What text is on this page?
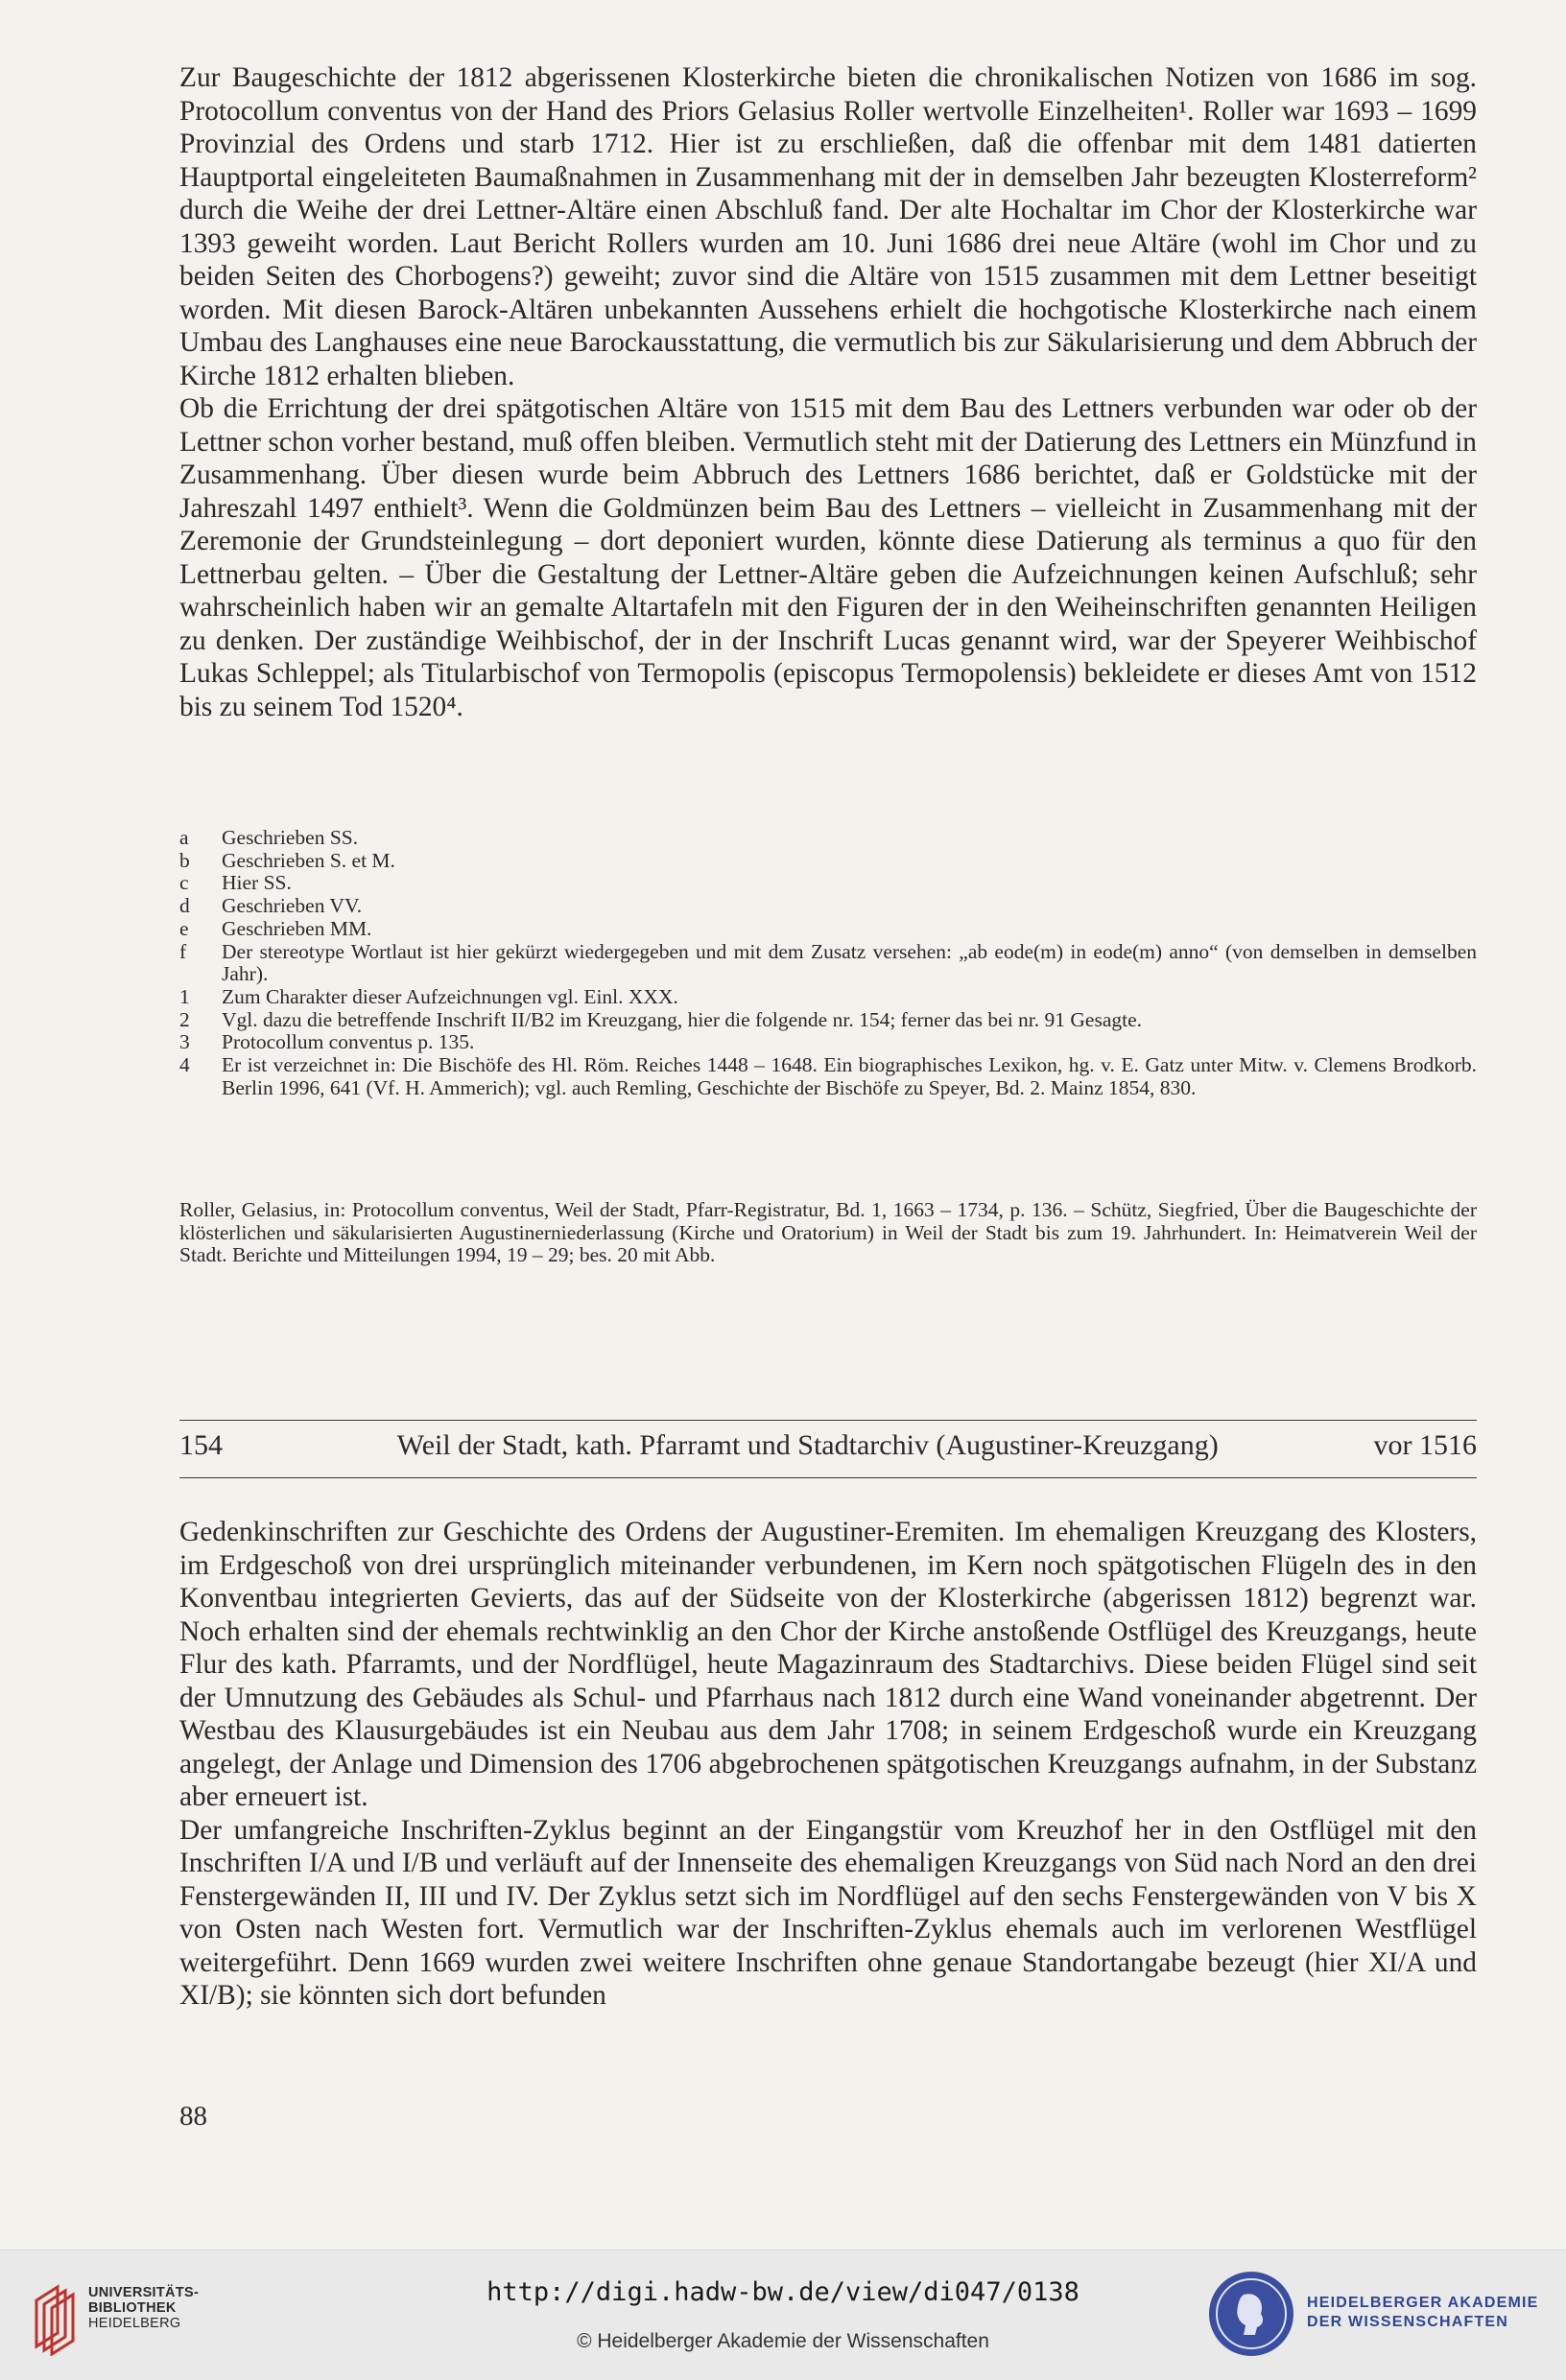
Zur Baugeschichte der 1812 abgerissenen Klosterkirche bieten die chronikalischen Notizen von 1686 im sog. Protocollum conventus von der Hand des Priors Gelasius Roller wertvolle Einzelheiten¹. Roller war 1693 – 1699 Provinzial des Ordens und starb 1712. Hier ist zu erschließen, daß die offenbar mit dem 1481 datierten Hauptportal eingeleiteten Baumaßnahmen in Zusammenhang mit der in demselben Jahr bezeugten Klosterreform² durch die Weihe der drei Lettner-Altäre einen Abschluß fand. Der alte Hochaltar im Chor der Klosterkirche war 1393 geweiht worden. Laut Bericht Rollers wurden am 10. Juni 1686 drei neue Altäre (wohl im Chor und zu beiden Seiten des Chorbogens?) geweiht; zuvor sind die Altäre von 1515 zusammen mit dem Lettner beseitigt worden. Mit diesen Barock-Altären unbekannten Aussehens erhielt die hochgotische Klosterkirche nach einem Umbau des Langhauses eine neue Barockausstattung, die vermutlich bis zur Säkularisierung und dem Abbruch der Kirche 1812 erhalten blieben.

Ob die Errichtung der drei spätgotischen Altäre von 1515 mit dem Bau des Lettners verbunden war oder ob der Lettner schon vorher bestand, muß offen bleiben. Vermutlich steht mit der Datierung des Lettners ein Münzfund in Zusammenhang. Über diesen wurde beim Abbruch des Lettners 1686 berichtet, daß er Goldstücke mit der Jahreszahl 1497 enthielt³. Wenn die Goldmünzen beim Bau des Lettners – vielleicht in Zusammenhang mit der Zeremonie der Grundsteinlegung – dort deponiert wurden, könnte diese Datierung als terminus a quo für den Lettnerbau gelten. – Über die Gestaltung der Lettner-Altäre geben die Aufzeichnungen keinen Aufschluß; sehr wahrscheinlich haben wir an gemalte Altartafeln mit den Figuren der in den Weiheinschriften genannten Heiligen zu denken. Der zuständige Weihbischof, der in der Inschrift Lucas genannt wird, war der Speyerer Weihbischof Lukas Schleppel; als Titularbischof von Termopolis (episcopus Termopolensis) bekleidete er dieses Amt von 1512 bis zu seinem Tod 1520⁴.

a	Geschrieben SS.
b	Geschrieben S. et M.
c	Hier SS.
d	Geschrieben VV.
e	Geschrieben MM.
f	Der stereotype Wortlaut ist hier gekürzt wiedergegeben und mit dem Zusatz versehen: „ab eode(m) in eode(m) anno“ (von demselben in demselben Jahr).
1	Zum Charakter dieser Aufzeichnungen vgl. Einl. XXX.
2	Vgl. dazu die betreffende Inschrift II/B2 im Kreuzgang, hier die folgende nr. 154; ferner das bei nr. 91 Gesagte.
3	Protocollum conventus p. 135.
4	Er ist verzeichnet in: Die Bischöfe des Hl. Röm. Reiches 1448 – 1648. Ein biographisches Lexikon, hg. v. E. Gatz unter Mitw. v. Clemens Brodkorb. Berlin 1996, 641 (Vf. H. Ammerich); vgl. auch Remling, Geschichte der Bischöfe zu Speyer, Bd. 2. Mainz 1854, 830.
Roller, Gelasius, in: Protocollum conventus, Weil der Stadt, Pfarr-Registratur, Bd. 1, 1663 – 1734, p. 136. – Schütz, Siegfried, Über die Baugeschichte der klösterlichen und säkularisierten Augustinerniederlassung (Kirche und Oratorium) in Weil der Stadt bis zum 19. Jahrhundert. In: Heimatverein Weil der Stadt. Berichte und Mitteilungen 1994, 19 – 29; bes. 20 mit Abb.
154	Weil der Stadt, kath. Pfarramt und Stadtarchiv (Augustiner-Kreuzgang)	vor 1516

Gedenkinschriften zur Geschichte des Ordens der Augustiner-Eremiten. Im ehemaligen Kreuzgang des Klosters, im Erdgeschoß von drei ursprünglich miteinander verbundenen, im Kern noch spätgotischen Flügeln des in den Konventbau integrierten Gevierts, das auf der Südseite von der Klosterkirche (abgerissen 1812) begrenzt war. Noch erhalten sind der ehemals rechtwinklig an den Chor der Kirche anstoßende Ostflügel des Kreuzgangs, heute Flur des kath. Pfarramts, und der Nordflügel, heute Magazinraum des Stadtarchivs. Diese beiden Flügel sind seit der Umnutzung des Gebäudes als Schul- und Pfarrhaus nach 1812 durch eine Wand voneinander abgetrennt. Der Westbau des Klausurgebäudes ist ein Neubau aus dem Jahr 1708; in seinem Erdgeschoß wurde ein Kreuzgang angelegt, der Anlage und Dimension des 1706 abgebrochenen spätgotischen Kreuzgangs aufnahm, in der Substanz aber erneuert ist.

Der umfangreiche Inschriften-Zyklus beginnt an der Eingangstür vom Kreuzhof her in den Ostflügel mit den Inschriften I/A und I/B und verläuft auf der Innenseite des ehemaligen Kreuzgangs von Süd nach Nord an den drei Fenstergewänden II, III und IV. Der Zyklus setzt sich im Nordflügel auf den sechs Fenstergewänden von V bis X von Osten nach Westen fort. Vermutlich war der Inschriften-Zyklus ehemals auch im verlorenen Westflügel weitergeführt. Denn 1669 wurden zwei weitere Inschriften ohne genaue Standortangabe bezeugt (hier XI/A und XI/B); sie könnten sich dort befunden

88
UNIVERSITÄTS-
BIBLIOTHEK
HEIDELBERG
http://digi.hadw-bw.de/view/di047/0138
© Heidelberger Akademie der Wissenschaften
HEIDELBERGER AKADEMIE
DER WISSENSCHAFTEN
